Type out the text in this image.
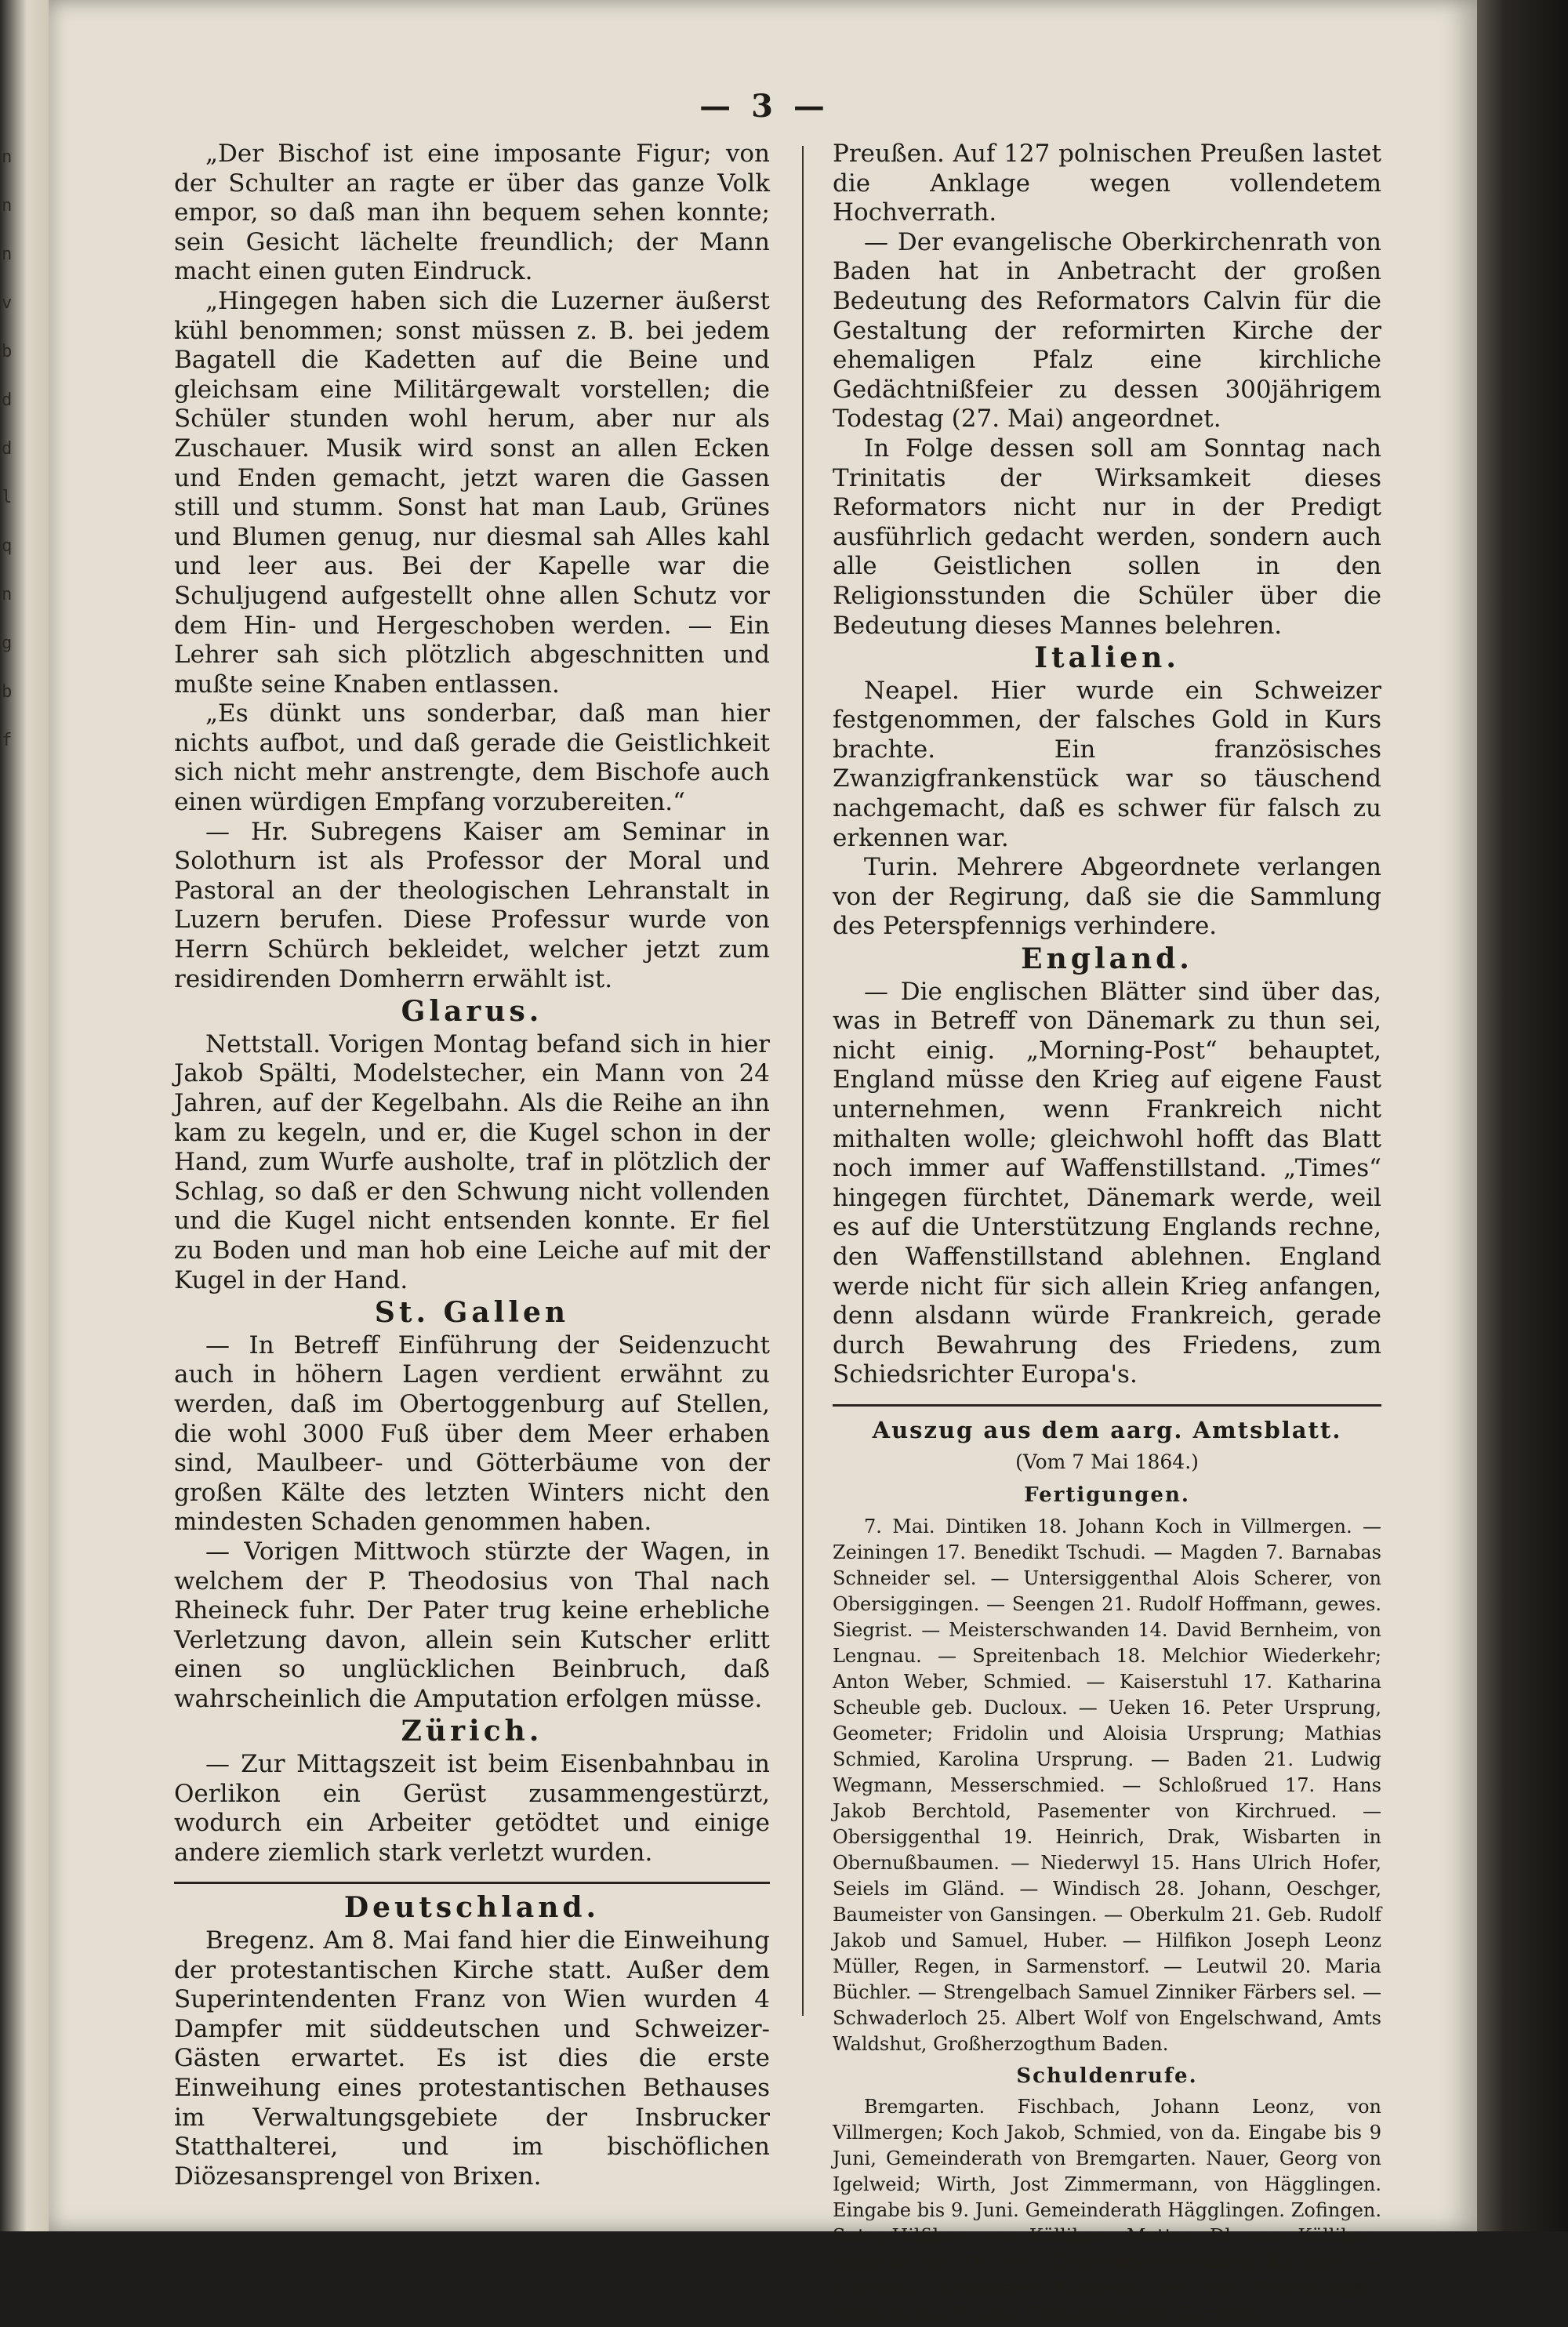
nnnvbddlqngbf
— 3 —

„Der Bischof ist eine imposante Figur; von der Schulter an ragte er über das ganze Volk empor, so daß man ihn bequem sehen konnte; sein Gesicht lächelte freundlich; der Mann macht einen guten Eindruck.

„Hingegen haben sich die Luzerner äußerst kühl benommen; sonst müssen z. B. bei jedem Bagatell die Kadetten auf die Beine und gleichsam eine Militärgewalt vorstellen; die Schüler stunden wohl herum, aber nur als Zuschauer. Musik wird sonst an allen Ecken und Enden gemacht, jetzt waren die Gassen still und stumm. Sonst hat man Laub, Grünes und Blumen genug, nur diesmal sah Alles kahl und leer aus. Bei der Kapelle war die Schuljugend aufgestellt ohne allen Schutz vor dem Hin- und Hergeschoben werden. — Ein Lehrer sah sich plötzlich abgeschnitten und mußte seine Knaben entlassen.

„Es dünkt uns sonderbar, daß man hier nichts aufbot, und daß gerade die Geistlichkeit sich nicht mehr anstrengte, dem Bischofe auch einen würdigen Empfang vorzubereiten.“

— Hr. Subregens Kaiser am Seminar in Solothurn ist als Professor der Moral und Pastoral an der theologischen Lehranstalt in Luzern berufen. Diese Professur wurde von Herrn Schürch bekleidet, welcher jetzt zum residirenden Domherrn erwählt ist.

Glarus.

Nettstall. Vorigen Montag befand sich in hier Jakob Spälti, Modelstecher, ein Mann von 24 Jahren, auf der Kegelbahn. Als die Reihe an ihn kam zu kegeln, und er, die Kugel schon in der Hand, zum Wurfe ausholte, traf in plötzlich der Schlag, so daß er den Schwung nicht vollenden und die Kugel nicht entsenden konnte. Er fiel zu Boden und man hob eine Leiche auf mit der Kugel in der Hand.

St. Gallen

— In Betreff Einführung der Seidenzucht auch in höhern Lagen verdient erwähnt zu werden, daß im Obertoggenburg auf Stellen, die wohl 3000 Fuß über dem Meer erhaben sind, Maulbeer- und Götterbäume von der großen Kälte des letzten Winters nicht den mindesten Schaden genommen haben.

— Vorigen Mittwoch stürzte der Wagen, in welchem der P. Theodosius von Thal nach Rheineck fuhr. Der Pater trug keine erhebliche Verletzung davon, allein sein Kutscher erlitt einen so unglücklichen Beinbruch, daß wahrscheinlich die Amputation erfolgen müsse.

Zürich.

— Zur Mittagszeit ist beim Eisenbahnbau in Oerlikon ein Gerüst zusammengestürzt, wodurch ein Arbeiter getödtet und einige andere ziemlich stark verletzt wurden.

Deutschland.

Bregenz. Am 8. Mai fand hier die Einweihung der protestantischen Kirche statt. Außer dem Superintendenten Franz von Wien wurden 4 Dampfer mit süddeutschen und Schweizer-Gästen erwartet. Es ist dies die erste Einweihung eines protestantischen Bethauses im Verwaltungsgebiete der Insbrucker Statthalterei, und im bischöflichen Diözesansprengel von Brixen.

Preußen. Auf 127 polnischen Preußen lastet die Anklage wegen vollendetem Hochverrath.

— Der evangelische Oberkirchenrath von Baden hat in Anbetracht der großen Bedeutung des Reformators Calvin für die Gestaltung der reformirten Kirche der ehemaligen Pfalz eine kirchliche Gedächtnißfeier zu dessen 300jährigem Todestag (27. Mai) angeordnet.

In Folge dessen soll am Sonntag nach Trinitatis der Wirksamkeit dieses Reformators nicht nur in der Predigt ausführlich gedacht werden, sondern auch alle Geistlichen sollen in den Religionsstunden die Schüler über die Bedeutung dieses Mannes belehren.

Italien.

Neapel. Hier wurde ein Schweizer festgenommen, der falsches Gold in Kurs brachte. Ein französisches Zwanzigfrankenstück war so täuschend nachgemacht, daß es schwer für falsch zu erkennen war.

Turin. Mehrere Abgeordnete verlangen von der Regirung, daß sie die Sammlung des Peterspfennigs verhindere.

England.

— Die englischen Blätter sind über das, was in Betreff von Dänemark zu thun sei, nicht einig. „Morning-Post“ behauptet, England müsse den Krieg auf eigene Faust unternehmen, wenn Frankreich nicht mithalten wolle; gleichwohl hofft das Blatt noch immer auf Waffenstillstand. „Times“ hingegen fürchtet, Dänemark werde, weil es auf die Unterstützung Englands rechne, den Waffenstillstand ablehnen. England werde nicht für sich allein Krieg anfangen, denn alsdann würde Frankreich, gerade durch Bewahrung des Friedens, zum Schiedsrichter Europa's.

Auszug aus dem aarg. Amtsblatt.
(Vom 7 Mai 1864.)
Fertigungen.

7. Mai. Dintiken 18. Johann Koch in Villmergen. — Zeiningen 17. Benedikt Tschudi. — Magden 7. Barnabas Schneider sel. — Untersiggenthal Alois Scherer, von Obersiggingen. — Seengen 21. Rudolf Hoffmann, gewes. Siegrist. — Meisterschwanden 14. David Bernheim, von Lengnau. — Spreitenbach 18. Melchior Wiederkehr; Anton Weber, Schmied. — Kaiserstuhl 17. Katharina Scheuble geb. Ducloux. — Ueken 16. Peter Ursprung, Geometer; Fridolin und Aloisia Ursprung; Mathias Schmied, Karolina Ursprung. — Baden 21. Ludwig Wegmann, Messerschmied. — Schloßrued 17. Hans Jakob Berchtold, Pasementer von Kirchrued. — Obersiggenthal 19. Heinrich, Drak, Wisbarten in Obernußbaumen. — Niederwyl 15. Hans Ulrich Hofer, Seiels im Gländ. — Windisch 28. Johann, Oeschger, Baumeister von Gansingen. — Oberkulm 21. Geb. Rudolf Jakob und Samuel, Huber. — Hilfikon Joseph Leonz Müller, Regen, in Sarmenstorf. — Leutwil 20. Maria Büchler. — Strengelbach Samuel Zinniker Färbers sel. — Schwaderloch 25. Albert Wolf von Engelschwand, Amts Waldshut, Großherzogthum Baden.

Schuldenrufe.

Bremgarten. Fischbach, Johann Leonz, von Villmergen; Koch Jakob, Schmied, von da. Eingabe bis 9 Juni, Gemeinderath von Bremgarten. Nauer, Georg von Igelweid; Wirth, Jost Zimmermann, von Hägglingen. Eingabe bis 9. Juni. Gemeinderath Hägglingen. Zofingen. Suter-Hilfiker, von Kölliken; Matter. Dl. von Kölliken. Eingabe bis 18 Juni. Gemeindeschreiberei Kölliken. — Zurzach. Birchmeier, Klemens, sel. von Würenlingen. Eingabe bis 9. Juni, Gerichtskanzlei Zurzach.
